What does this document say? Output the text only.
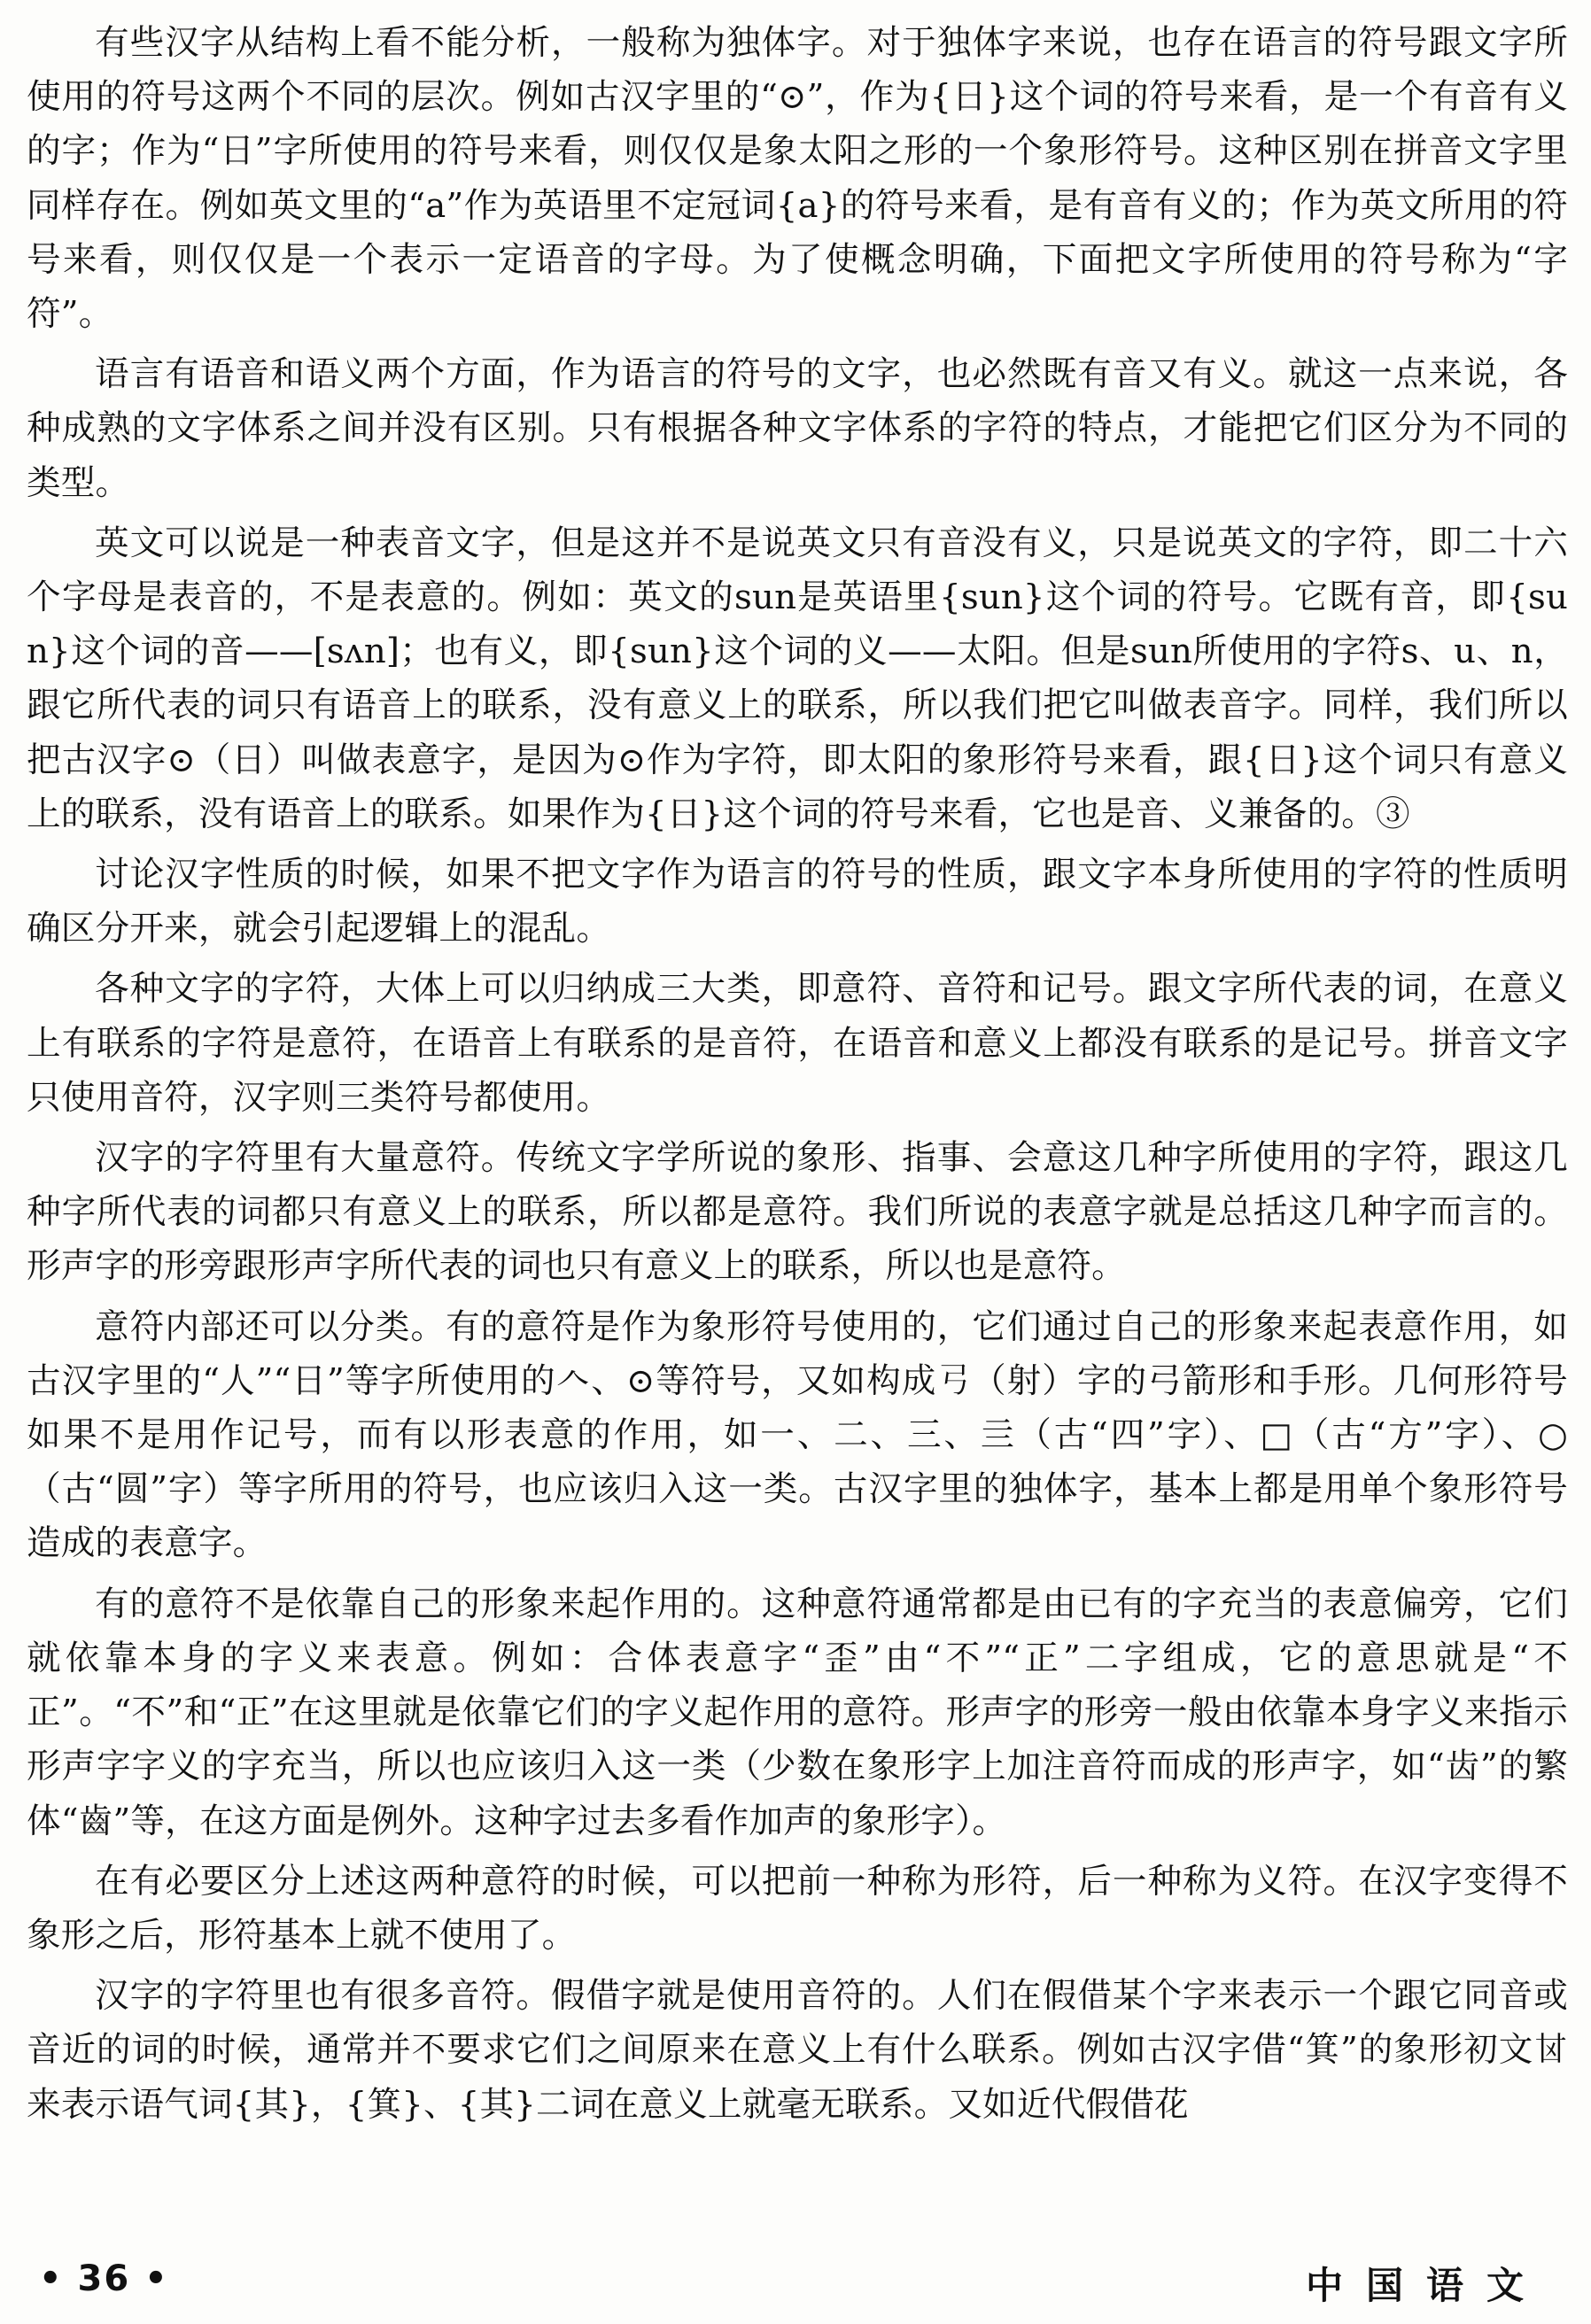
有些汉字从结构上看不能分析，一般称为独体字。对于独体字来说，也存在语言的符号跟文字所使用的符号这两个不同的层次。例如古汉字里的“⊙”，作为{日}这个词的符号来看，是一个有音有义的字；作为“日”字所使用的符号来看，则仅仅是象太阳之形的一个象形符号。这种区别在拼音文字里同样存在。例如英文里的“a”作为英语里不定冠词{a}的符号来看，是有音有义的；作为英文所用的符号来看，则仅仅是一个表示一定语音的字母。为了使概念明确，下面把文字所使用的符号称为“字符”。

语言有语音和语义两个方面，作为语言的符号的文字，也必然既有音又有义。就这一点来说，各种成熟的文字体系之间并没有区别。只有根据各种文字体系的字符的特点，才能把它们区分为不同的类型。

英文可以说是一种表音文字，但是这并不是说英文只有音没有义，只是说英文的字符，即二十六个字母是表音的，不是表意的。例如：英文的sun是英语里{sun}这个词的符号。它既有音，即{sun}这个词的音——[sʌn]；也有义，即{sun}这个词的义——太阳。但是sun所使用的字符s、u、n，跟它所代表的词只有语音上的联系，没有意义上的联系，所以我们把它叫做表音字。同样，我们所以把古汉字⊙（日）叫做表意字，是因为⊙作为字符，即太阳的象形符号来看，跟{日}这个词只有意义上的联系，没有语音上的联系。如果作为{日}这个词的符号来看，它也是音、义兼备的。③

讨论汉字性质的时候，如果不把文字作为语言的符号的性质，跟文字本身所使用的字符的性质明确区分开来，就会引起逻辑上的混乱。

各种文字的字符，大体上可以归纳成三大类，即意符、音符和记号。跟文字所代表的词，在意义上有联系的字符是意符，在语音上有联系的是音符，在语音和意义上都没有联系的是记号。拼音文字只使用音符，汉字则三类符号都使用。

汉字的字符里有大量意符。传统文字学所说的象形、指事、会意这几种字所使用的字符，跟这几种字所代表的词都只有意义上的联系，所以都是意符。我们所说的表意字就是总括这几种字而言的。形声字的形旁跟形声字所代表的词也只有意义上的联系，所以也是意符。

意符内部还可以分类。有的意符是作为象形符号使用的，它们通过自己的形象来起表意作用，如古汉字里的“人”“日”等字所使用的𠆢、⊙等符号，又如构成𢎗（射）字的弓箭形和手形。几何形符号如果不是用作记号，而有以形表意的作用，如一、二、三、亖（古“四”字）、□（古“方”字）、○（古“圆”字）等字所用的符号，也应该归入这一类。古汉字里的独体字，基本上都是用单个象形符号造成的表意字。

有的意符不是依靠自己的形象来起作用的。这种意符通常都是由已有的字充当的表意偏旁，它们就依靠本身的字义来表意。例如：合体表意字“歪”由“不”“正”二字组成，它的意思就是“不正”。“不”和“正”在这里就是依靠它们的字义起作用的意符。形声字的形旁一般由依靠本身字义来指示形声字字义的字充当，所以也应该归入这一类（少数在象形字上加注音符而成的形声字，如“齿”的繁体“齒”等，在这方面是例外。这种字过去多看作加声的象形字）。

在有必要区分上述这两种意符的时候，可以把前一种称为形符，后一种称为义符。在汉字变得不象形之后，形符基本上就不使用了。

汉字的字符里也有很多音符。假借字就是使用音符的。人们在假借某个字来表示一个跟它同音或音近的词的时候，通常并不要求它们之间原来在意义上有什么联系。例如古汉字借“箕”的象形初文𠀠来表示语气词{其}，{箕}、{其}二词在意义上就毫无联系。又如近代假借花

• 36 •	中国语文
